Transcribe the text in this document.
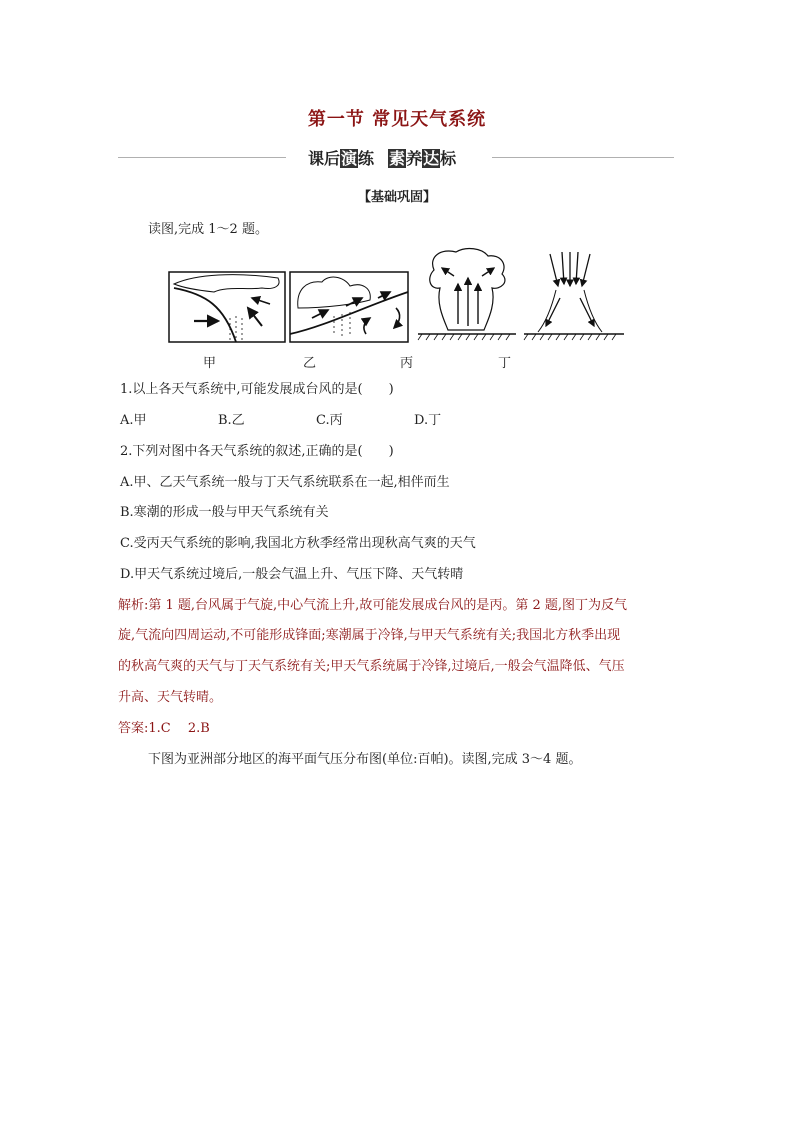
第一节 常见天气系统
课后演练 素养达标
【基础巩固】
读图,完成 1～2 题。
甲	乙	丙	丁
1.以上各天气系统中,可能发展成台风的是(　　)
A.甲	B.乙	C.丙	D.丁
2.下列对图中各天气系统的叙述,正确的是(　　)
A.甲、乙天气系统一般与丁天气系统联系在一起,相伴而生
B.寒潮的形成一般与甲天气系统有关
C.受丙天气系统的影响,我国北方秋季经常出现秋高气爽的天气
D.甲天气系统过境后,一般会气温上升、气压下降、天气转晴
解析:第 1 题,台风属于气旋,中心气流上升,故可能发展成台风的是丙。第 2 题,图丁为反气
旋,气流向四周运动,不可能形成锋面;寒潮属于冷锋,与甲天气系统有关;我国北方秋季出现
的秋高气爽的天气与丁天气系统有关;甲天气系统属于冷锋,过境后,一般会气温降低、气压
升高、天气转晴。
答案:1.C　 2.B
下图为亚洲部分地区的海平面气压分布图(单位:百帕)。读图,完成 3～4 题。
